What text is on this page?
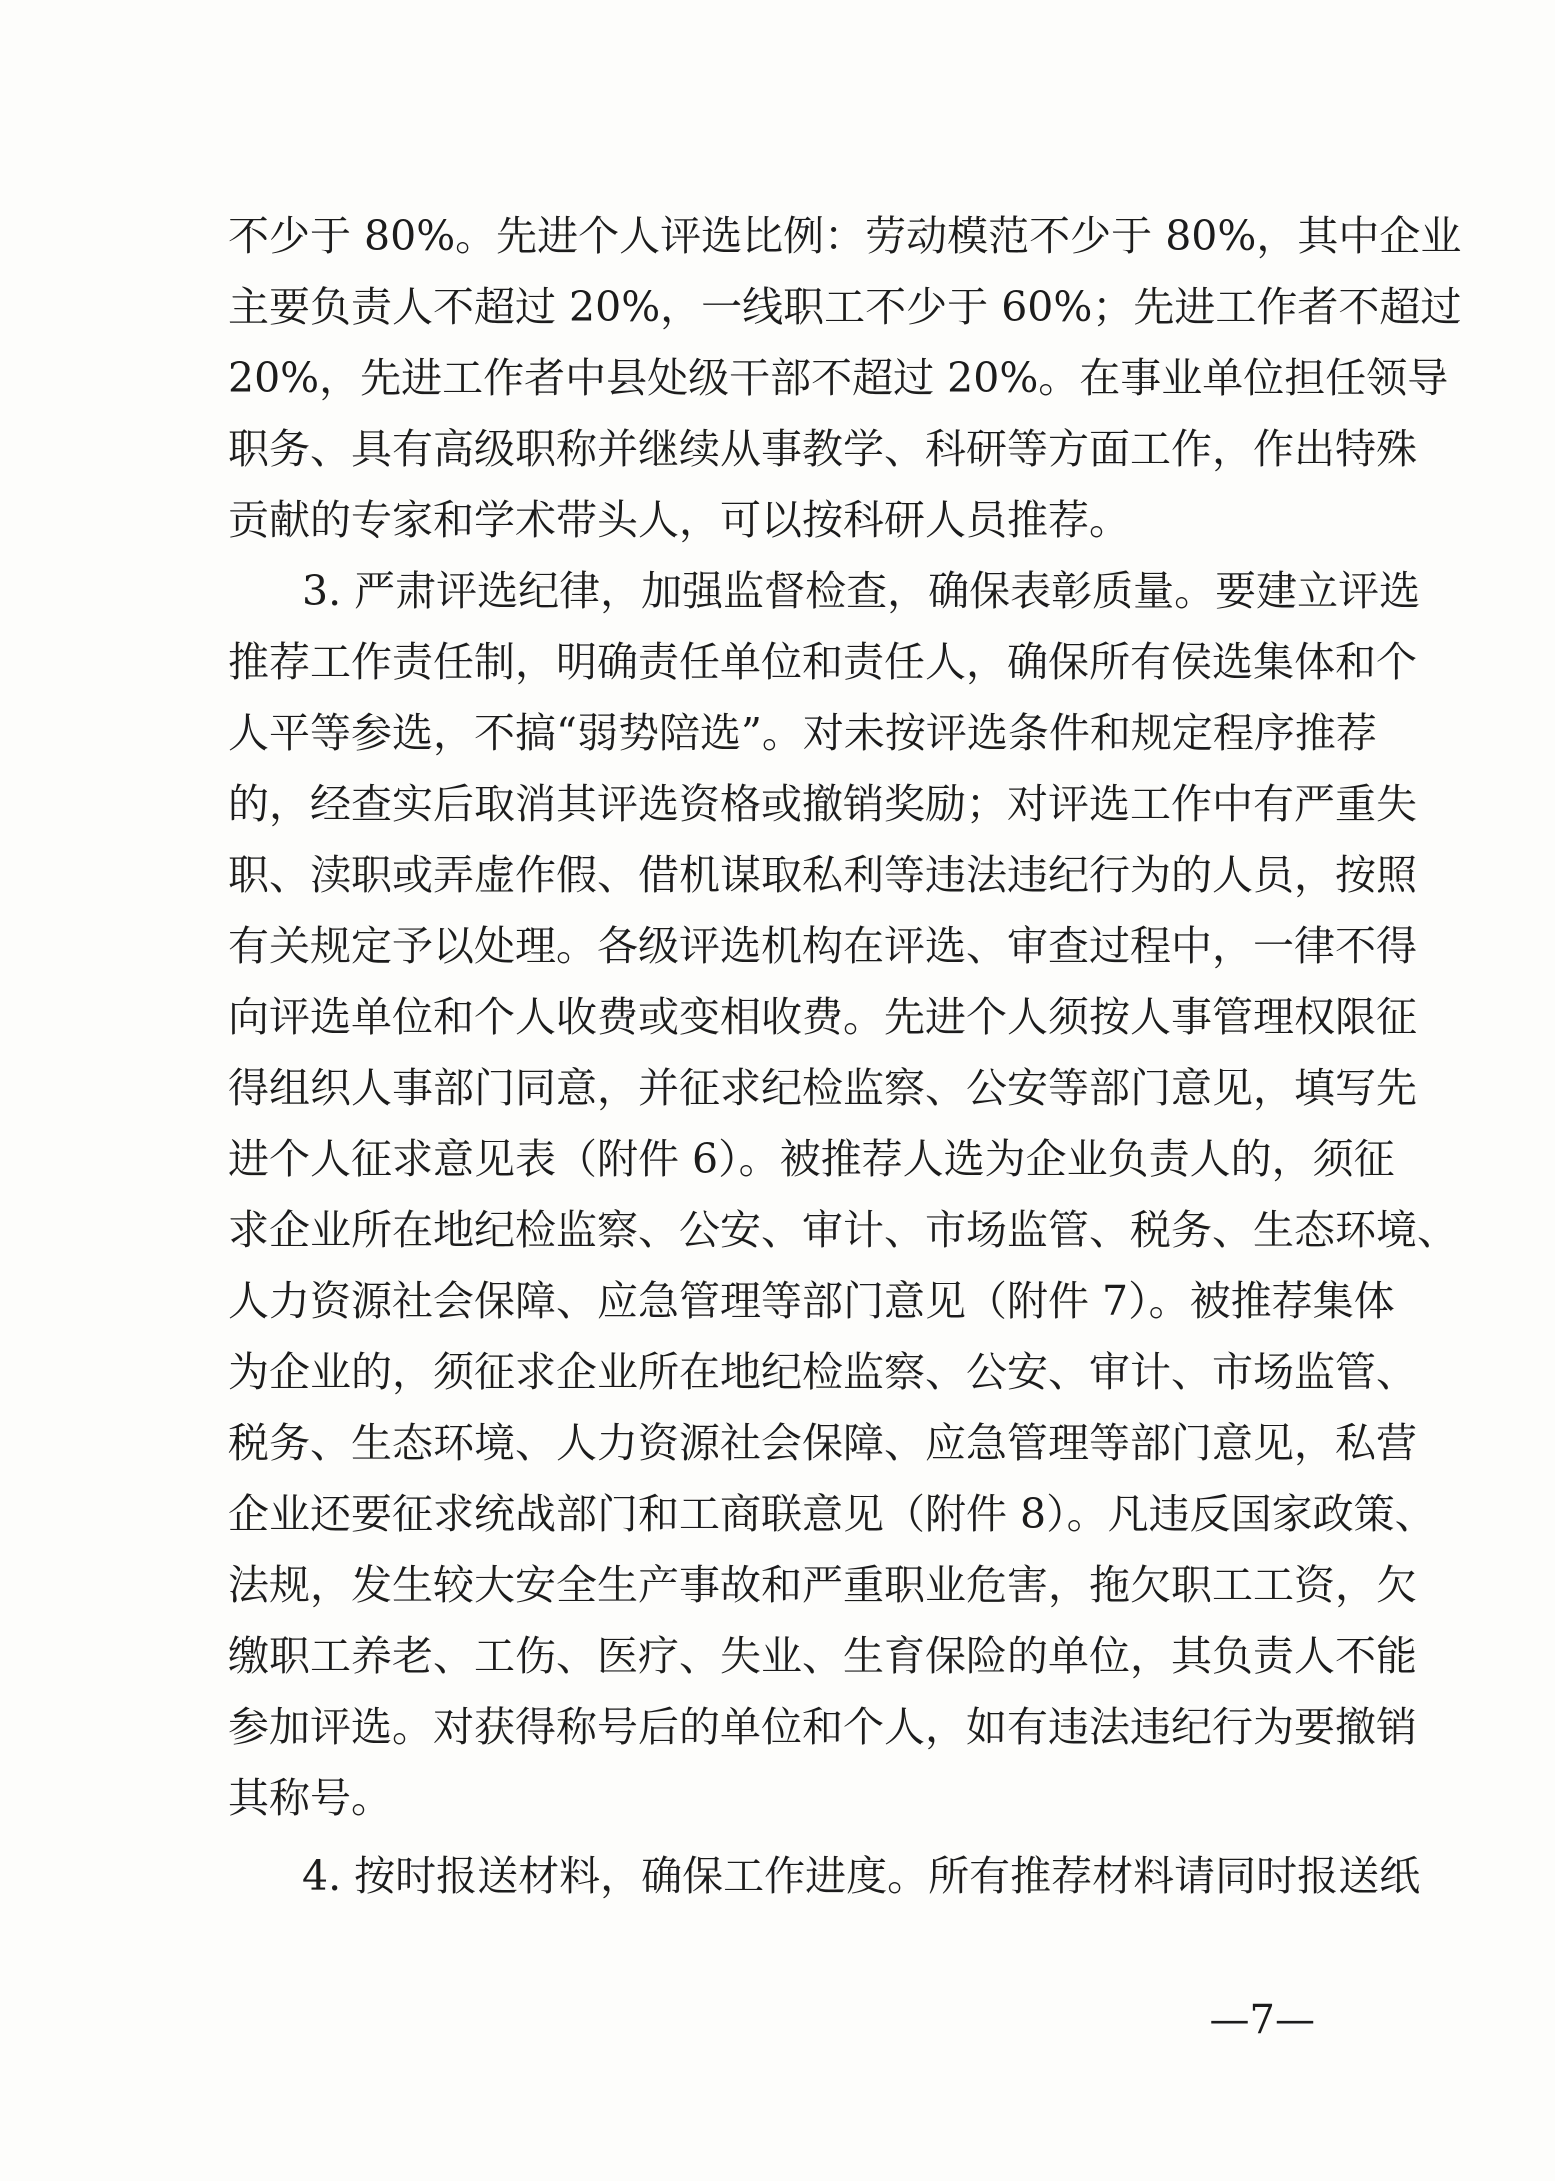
不少于 80%。先进个人评选比例：劳动模范不少于 80%，其中企业
主要负责人不超过 20%，一线职工不少于 60%；先进工作者不超过
20%，先进工作者中县处级干部不超过 20%。在事业单位担任领导
职务、具有高级职称并继续从事教学、科研等方面工作，作出特殊
贡献的专家和学术带头人，可以按科研人员推荐。
3. 严肃评选纪律，加强监督检查，确保表彰质量。要建立评选
推荐工作责任制，明确责任单位和责任人，确保所有侯选集体和个
人平等参选，不搞“弱势陪选”。对未按评选条件和规定程序推荐
的，经查实后取消其评选资格或撤销奖励；对评选工作中有严重失
职、渎职或弄虚作假、借机谋取私利等违法违纪行为的人员，按照
有关规定予以处理。各级评选机构在评选、审查过程中，一律不得
向评选单位和个人收费或变相收费。先进个人须按人事管理权限征
得组织人事部门同意，并征求纪检监察、公安等部门意见，填写先
进个人征求意见表（附件 6）。被推荐人选为企业负责人的，须征
求企业所在地纪检监察、公安、审计、市场监管、税务、生态环境、
人力资源社会保障、应急管理等部门意见（附件 7）。被推荐集体
为企业的，须征求企业所在地纪检监察、公安、审计、市场监管、
税务、生态环境、人力资源社会保障、应急管理等部门意见，私营
企业还要征求统战部门和工商联意见（附件 8）。凡违反国家政策、
法规，发生较大安全生产事故和严重职业危害，拖欠职工工资，欠
缴职工养老、工伤、医疗、失业、生育保险的单位，其负责人不能
参加评选。对获得称号后的单位和个人，如有违法违纪行为要撤销
其称号。
4. 按时报送材料，确保工作进度。所有推荐材料请同时报送纸
—7—
